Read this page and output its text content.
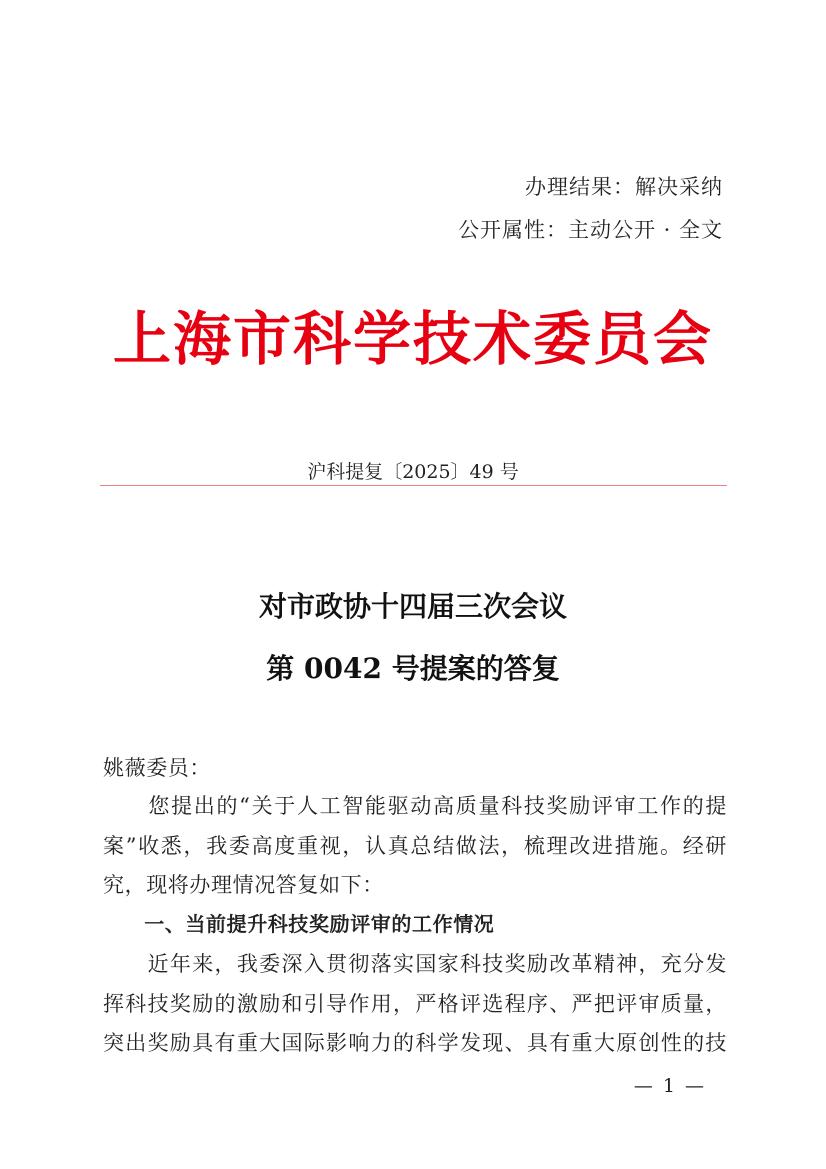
办理结果：解决采纳
公开属性：主动公开 · 全文
上海市科学技术委员会
沪科提复〔2025〕49 号
对市政协十四届三次会议
第 0042 号提案的答复
姚薇委员：
　　您提出的“关于人工智能驱动高质量科技奖励评审工作的提
案”收悉，我委高度重视，认真总结做法，梳理改进措施。经研
究，现将办理情况答复如下：
　　一、当前提升科技奖励评审的工作情况
　　近年来，我委深入贯彻落实国家科技奖励改革精神，充分发
挥科技奖励的激励和引导作用，严格评选程序、严把评审质量，
突出奖励具有重大国际影响力的科学发现、具有重大原创性的技
— 1 —
